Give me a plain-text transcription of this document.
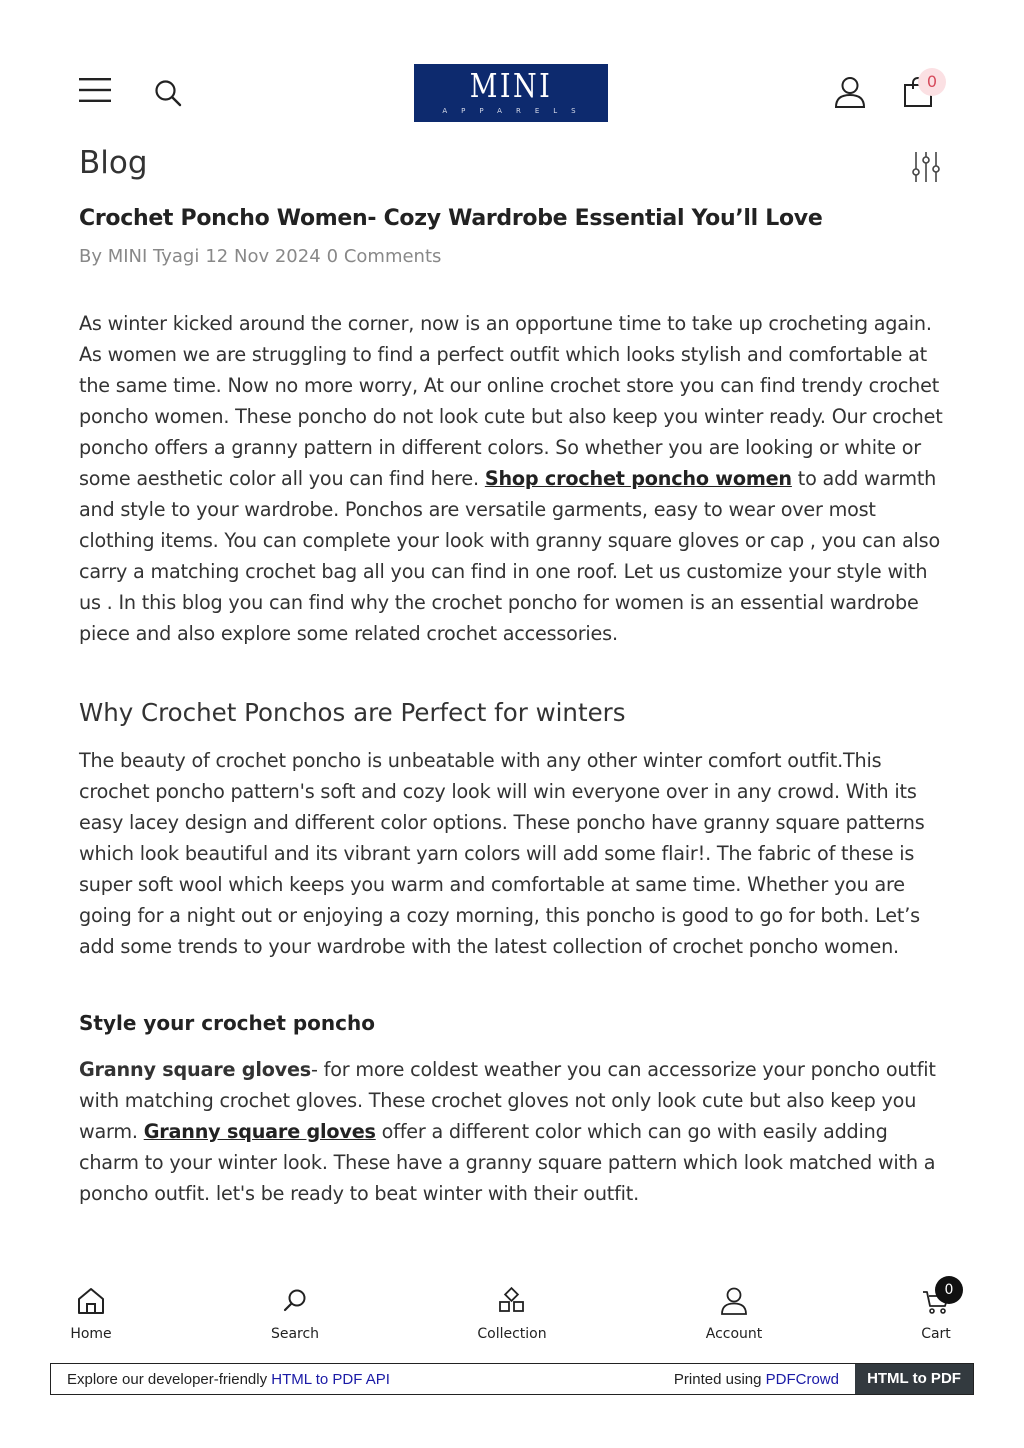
MINI
APPARELS
0
Blog
Crochet Poncho Women- Cozy Wardrobe Essential You’ll Love
By MINI Tyagi 12 Nov 2024 0 Comments

As winter kicked around the corner, now is an opportune time to take up crocheting again. As women we are struggling to find a perfect outfit which looks stylish and comfortable at the same time. Now no more worry, At our online crochet store you can find trendy crochet poncho women. These poncho do not look cute but also keep you winter ready. Our crochet poncho offers a granny pattern in different colors. So whether you are looking or white or some aesthetic color all you can find here. Shop crochet poncho women to add warmth and style to your wardrobe. Ponchos are versatile garments, easy to wear over most clothing items. You can complete your look with granny square gloves or cap , you can also carry a matching crochet bag all you can find in one roof. Let us customize your style with us . In this blog you can find why the crochet poncho for women is an essential wardrobe piece and also explore some related crochet accessories.

Why Crochet Ponchos are Perfect for winters

The beauty of crochet poncho is unbeatable with any other winter comfort outfit.This crochet poncho pattern's soft and cozy look will win everyone over in any crowd. With its easy lacey design and different color options. These poncho have granny square patterns which look beautiful and its vibrant yarn colors will add some flair!. The fabric of these is super soft wool which keeps you warm and comfortable at same time. Whether you are going for a night out or enjoying a cozy morning, this poncho is good to go for both. Let’s add some trends to your wardrobe with the latest collection of crochet poncho women.

Style your crochet poncho

Granny square gloves- for more coldest weather you can accessorize your poncho outfit with matching crochet gloves. These crochet gloves not only look cute but also keep you warm. Granny square gloves offer a different color which can go with easily adding charm to your winter look. These have a granny square pattern which look matched with a poncho outfit. let's be ready to beat winter with their outfit.

Home	Search	Collection	Account	Cart
0
Explore our developer-friendly HTML to PDF API	Printed using PDFCrowd	HTML to PDF
